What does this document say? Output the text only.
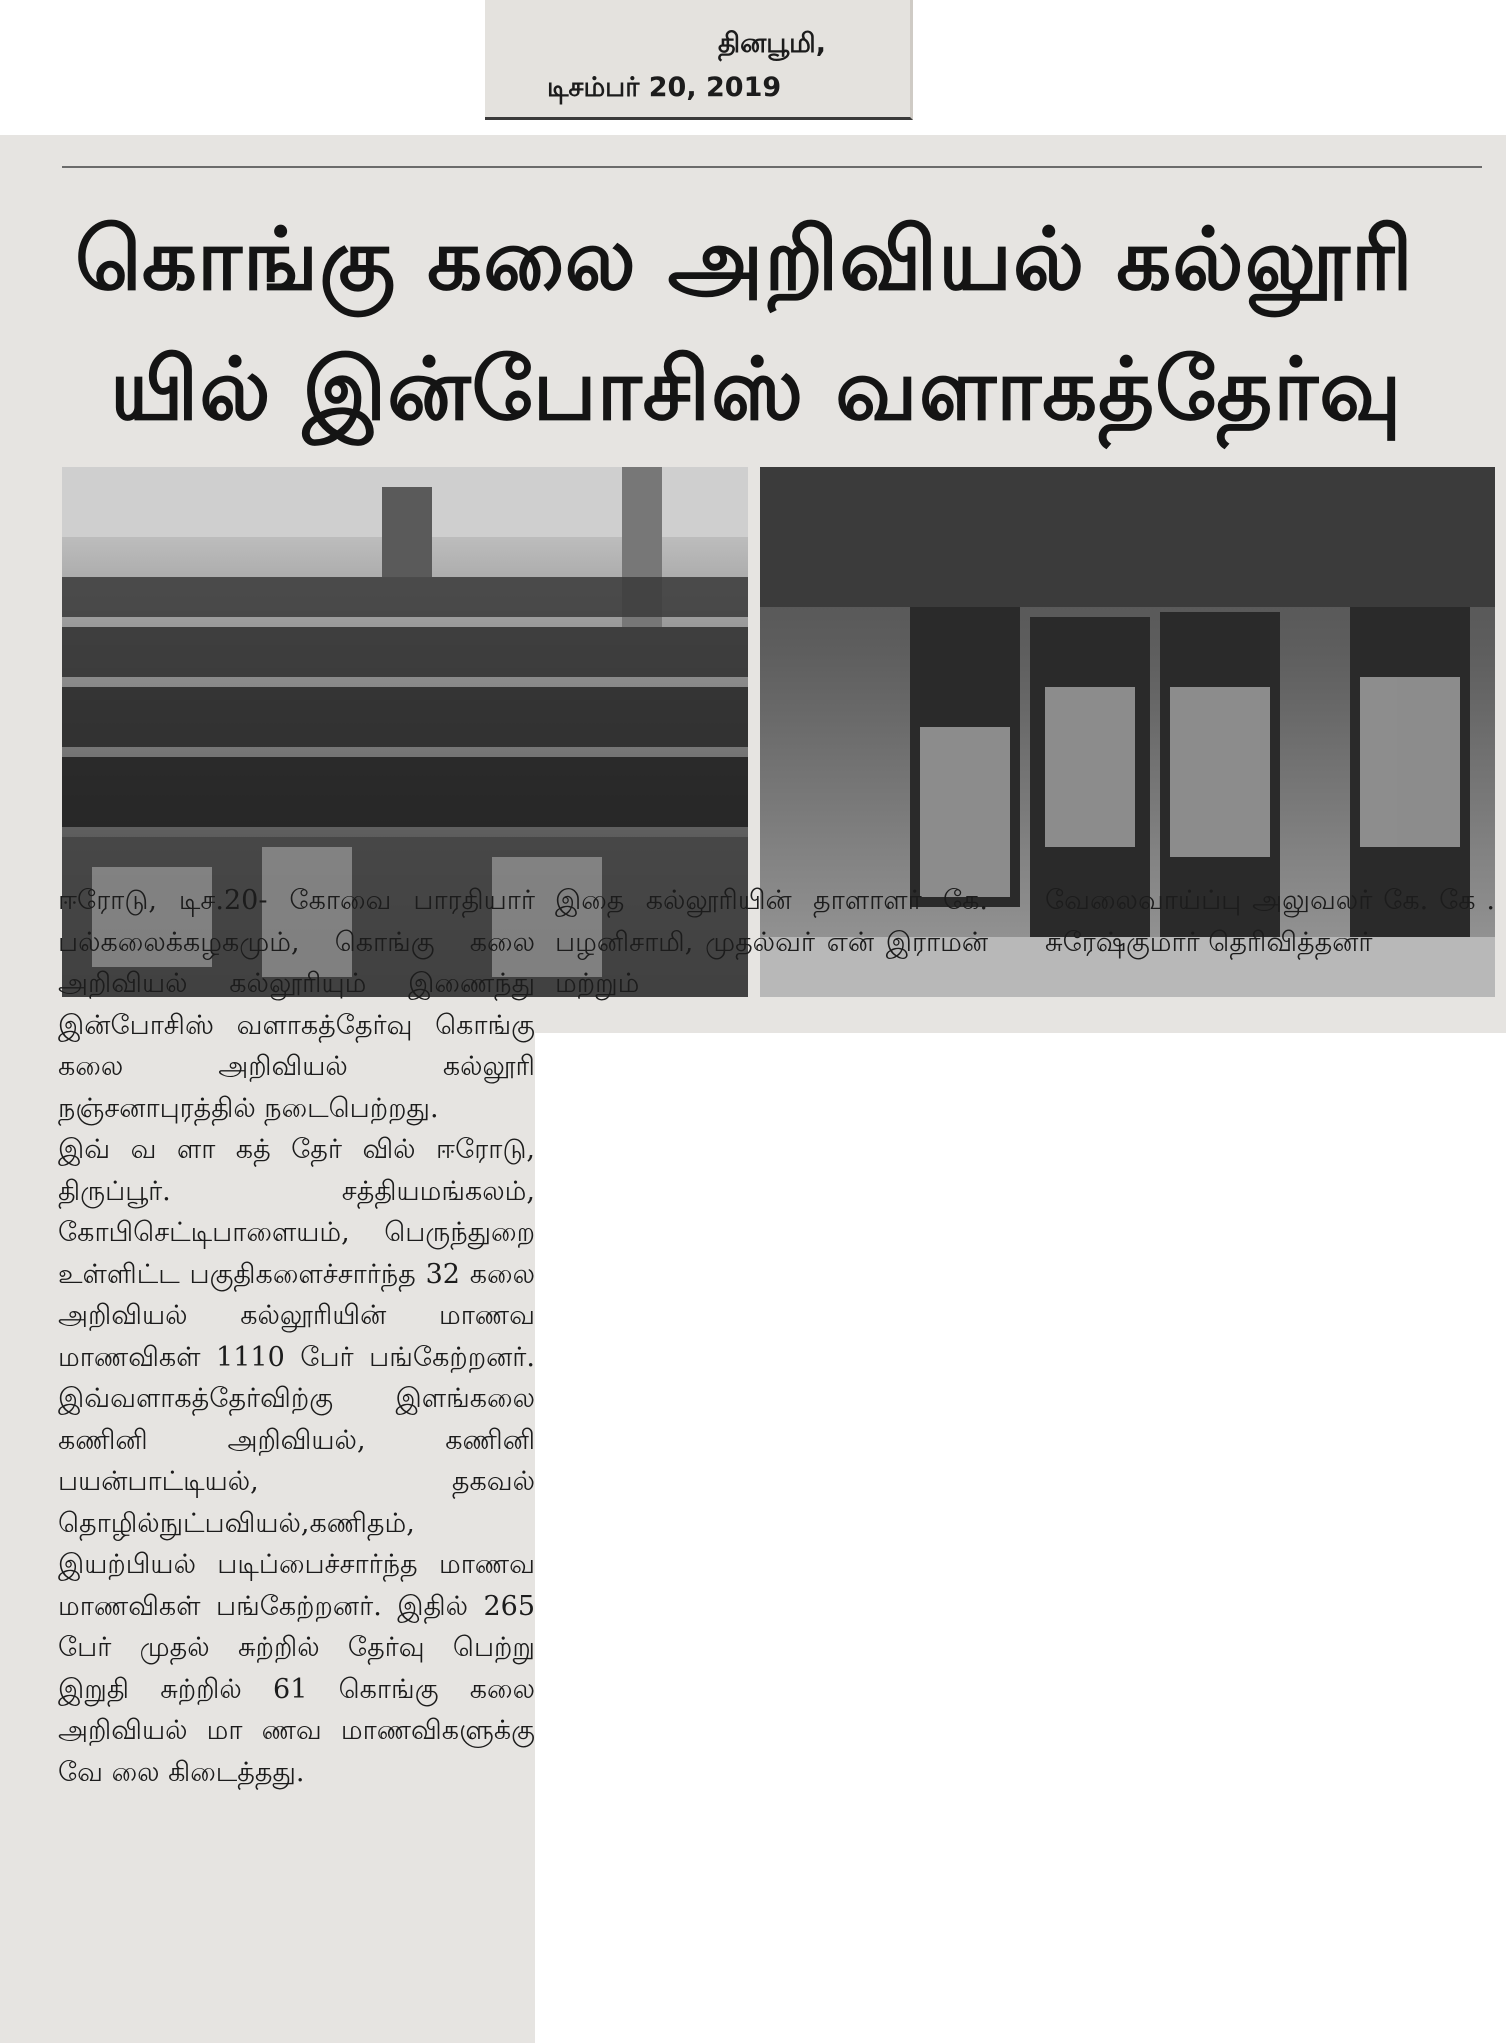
தினபூமி,
டிசம்பர் 20, 2019
கொங்கு கலை அறிவியல் கல்லூரி
யில் இன்போசிஸ் வளாகத்தேர்வு

ஈரோடு, டிச.20- கோவை பாரதியார் பல்கலைக்கழகமும், கொங்கு கலை அறிவியல் கல்லூரியும் இணைந்து இன்போசிஸ் வளாகத்தேர்வு கொங்கு கலை அறிவியல் கல்லூரி நஞ்சனாபுரத்தில் நடைபெற்றது.

இவ் வ ளா கத் தேர் வில் ஈரோடு, திருப்பூர். சத்தியமங்கலம், கோபிசெட்டிபாளையம், பெருந்துறை உள்ளிட்ட பகுதிகளைச்சார்ந்த 32 கலை அறிவியல் கல்லூரியின் மாணவ மாணவிகள் 1110 பேர் பங்கேற்றனர். இவ்வளாகத்தேர்விற்கு இளங்கலை கணினி அறிவியல், கணினி பயன்பாட்டியல், தகவல் தொழில்நுட்பவியல்,கணிதம், இயற்பியல் படிப்பைச்சார்ந்த மாணவ மாணவிகள் பங்கேற்றனர். இதில் 265 பேர் முதல் சுற்றில் தேர்வு பெற்று இறுதி சுற்றில் 61 கொங்கு கலை அறிவியல் மா ணவ மாணவிகளுக்கு வே லை கிடைத்தது.

இதை கல்லூரியின் தாளாளர் கே. பழனிசாமி, முதல்வர் என் இராமன் மற்றும்

வேலைவாய்ப்பு அலுவலர் கே. கே . சுரேஷ்குமார் தெரிவித்தனர்
